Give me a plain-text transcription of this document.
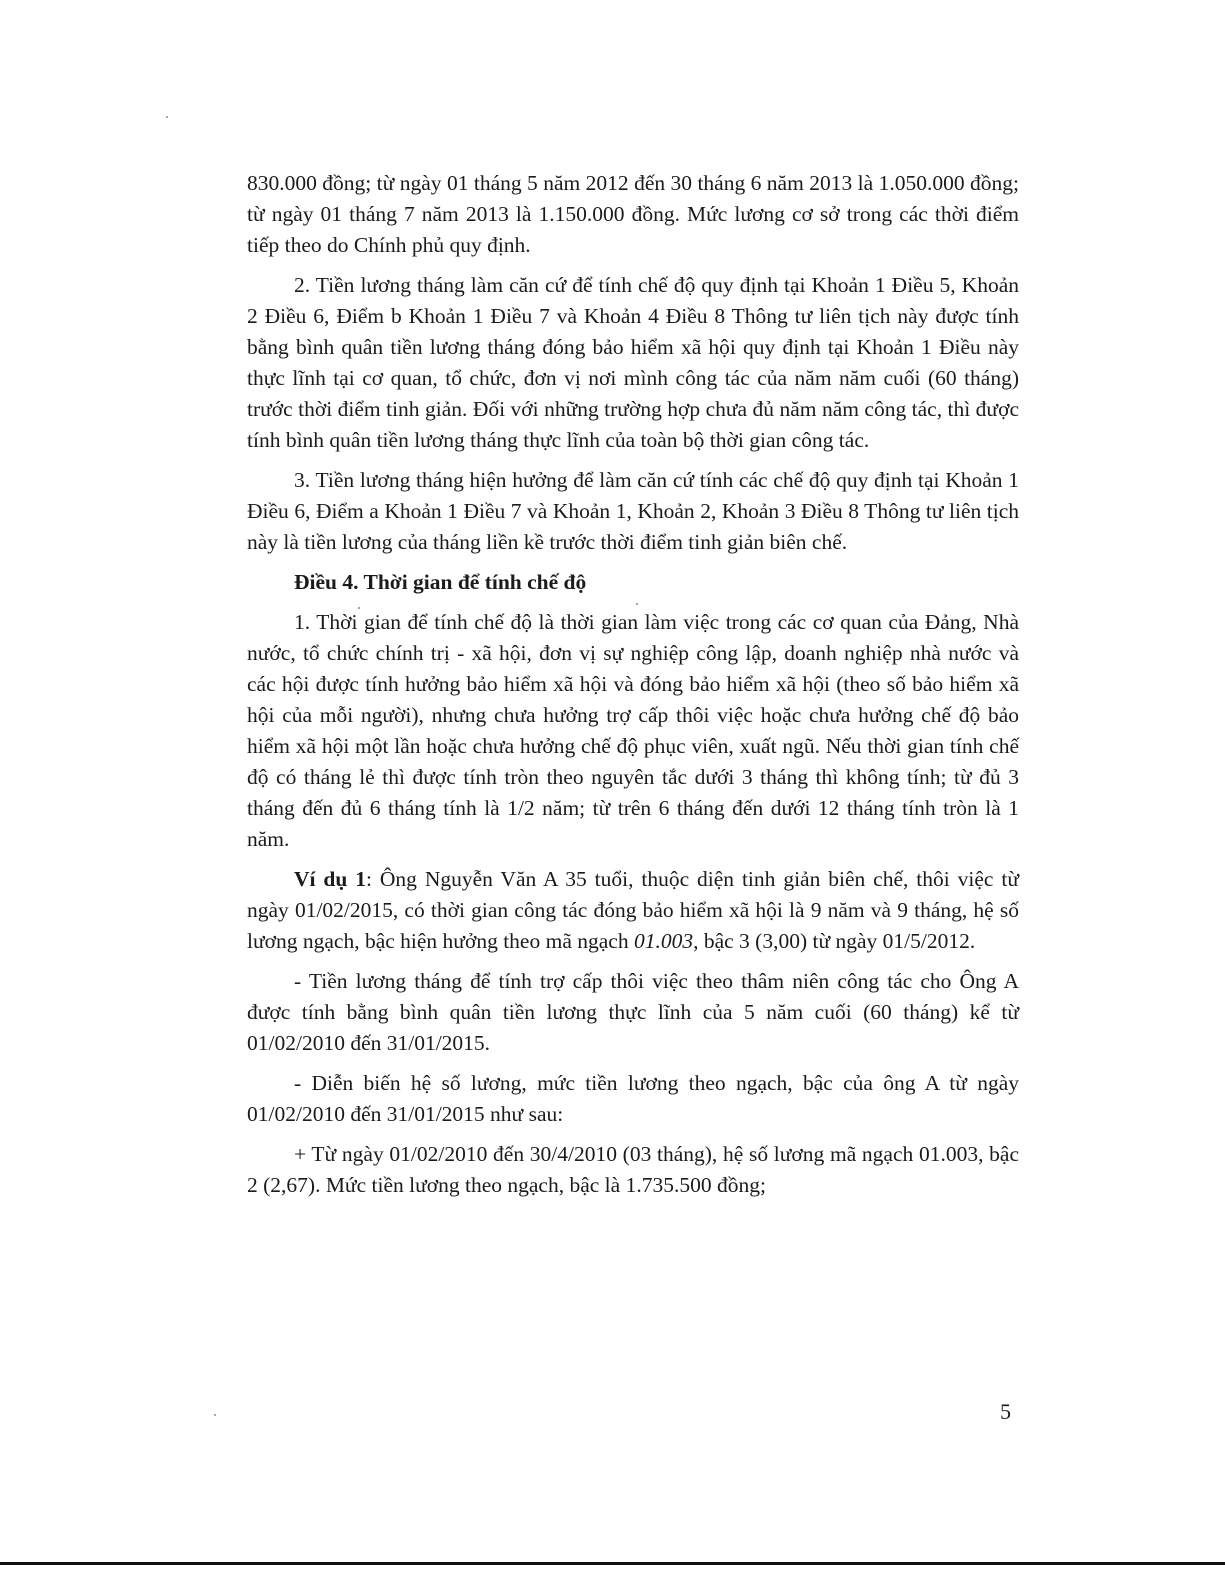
830.000 đồng; từ ngày 01 tháng 5 năm 2012 đến 30 tháng 6 năm 2013 là 1.050.000 đồng; từ ngày 01 tháng 7 năm 2013 là 1.150.000 đồng. Mức lương cơ sở trong các thời điểm tiếp theo do Chính phủ quy định.

2. Tiền lương tháng làm căn cứ để tính chế độ quy định tại Khoản 1 Điều 5, Khoản 2 Điều 6, Điểm b Khoản 1 Điều 7 và Khoản 4 Điều 8 Thông tư liên tịch này được tính bằng bình quân tiền lương tháng đóng bảo hiểm xã hội quy định tại Khoản 1 Điều này thực lĩnh tại cơ quan, tổ chức, đơn vị nơi mình công tác của năm năm cuối (60 tháng) trước thời điểm tinh giản. Đối với những trường hợp chưa đủ năm năm công tác, thì được tính bình quân tiền lương tháng thực lĩnh của toàn bộ thời gian công tác.

3. Tiền lương tháng hiện hưởng để làm căn cứ tính các chế độ quy định tại Khoản 1 Điều 6, Điểm a Khoản 1 Điều 7 và Khoản 1, Khoản 2, Khoản 3 Điều 8 Thông tư liên tịch này là tiền lương của tháng liền kề trước thời điểm tinh giản biên chế.

Điều 4. Thời gian để tính chế độ

1. Thời gian để tính chế độ là thời gian làm việc trong các cơ quan của Đảng, Nhà nước, tổ chức chính trị - xã hội, đơn vị sự nghiệp công lập, doanh nghiệp nhà nước và các hội được tính hưởng bảo hiểm xã hội và đóng bảo hiểm xã hội (theo số bảo hiểm xã hội của mỗi người), nhưng chưa hưởng trợ cấp thôi việc hoặc chưa hưởng chế độ bảo hiểm xã hội một lần hoặc chưa hưởng chế độ phục viên, xuất ngũ. Nếu thời gian tính chế độ có tháng lẻ thì được tính tròn theo nguyên tắc dưới 3 tháng thì không tính; từ đủ 3 tháng đến đủ 6 tháng tính là 1/2 năm; từ trên 6 tháng đến dưới 12 tháng tính tròn là 1 năm.

Ví dụ 1: Ông Nguyễn Văn A 35 tuổi, thuộc diện tinh giản biên chế, thôi việc từ ngày 01/02/2015, có thời gian công tác đóng bảo hiểm xã hội là 9 năm và 9 tháng, hệ số lương ngạch, bậc hiện hưởng theo mã ngạch 01.003, bậc 3 (3,00) từ ngày 01/5/2012.

- Tiền lương tháng để tính trợ cấp thôi việc theo thâm niên công tác cho Ông A được tính bằng bình quân tiền lương thực lĩnh của 5 năm cuối (60 tháng) kể từ 01/02/2010 đến 31/01/2015.

- Diễn biến hệ số lương, mức tiền lương theo ngạch, bậc của ông A từ ngày 01/02/2010 đến 31/01/2015 như sau:

+ Từ ngày 01/02/2010 đến 30/4/2010 (03 tháng), hệ số lương mã ngạch 01.003, bậc 2 (2,67). Mức tiền lương theo ngạch, bậc là 1.735.500 đồng;

5
